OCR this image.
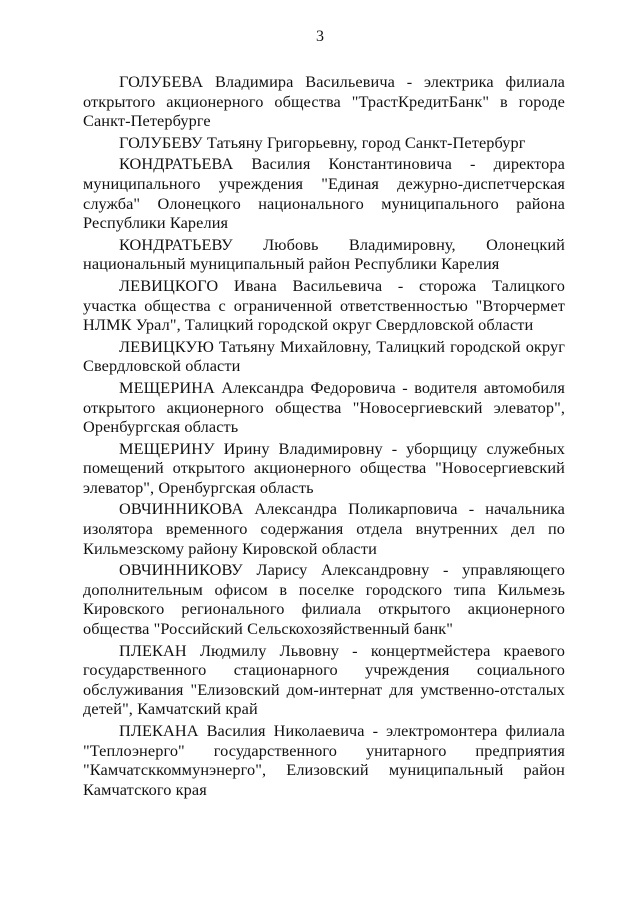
3

ГОЛУБЕВА Владимира Васильевича - электрика филиала открытого акционерного общества "ТрастКредитБанк" в городе Санкт-Петербурге

ГОЛУБЕВУ Татьяну Григорьевну, город Санкт-Петербург

КОНДРАТЬЕВА Василия Константиновича - директора муниципального учреждения "Единая дежурно-диспетчерская служба" Олонецкого национального муниципального района Республики Карелия

КОНДРАТЬЕВУ Любовь Владимировну, Олонецкий национальный муниципальный район Республики Карелия

ЛЕВИЦКОГО Ивана Васильевича - сторожа Талицкого участка общества с ограниченной ответственностью "Вторчермет НЛМК Урал", Талицкий городской округ Свердловской области

ЛЕВИЦКУЮ Татьяну Михайловну, Талицкий городской округ Свердловской области

МЕЩЕРИНА Александра Федоровича - водителя автомобиля открытого акционерного общества "Новосергиевский элеватор", Оренбургская область

МЕЩЕРИНУ Ирину Владимировну - уборщицу служебных помещений открытого акционерного общества "Новосергиевский элеватор", Оренбургская область

ОВЧИННИКОВА Александра Поликарповича - начальника изолятора временного содержания отдела внутренних дел по Кильмезскому району Кировской области

ОВЧИННИКОВУ Ларису Александровну - управляющего дополнительным офисом в поселке городского типа Кильмезь Кировского регионального филиала открытого акционерного общества "Российский Сельскохозяйственный банк"

ПЛЕКАН Людмилу Львовну - концертмейстера краевого государственного стационарного учреждения социального обслуживания "Елизовский дом-интернат для умственно-отсталых детей", Камчатский край

ПЛЕКАНА Василия Николаевича - электромонтера филиала "Теплоэнерго" государственного унитарного предприятия "Камчатсккоммунэнерго", Елизовский муниципальный район Камчатского края
